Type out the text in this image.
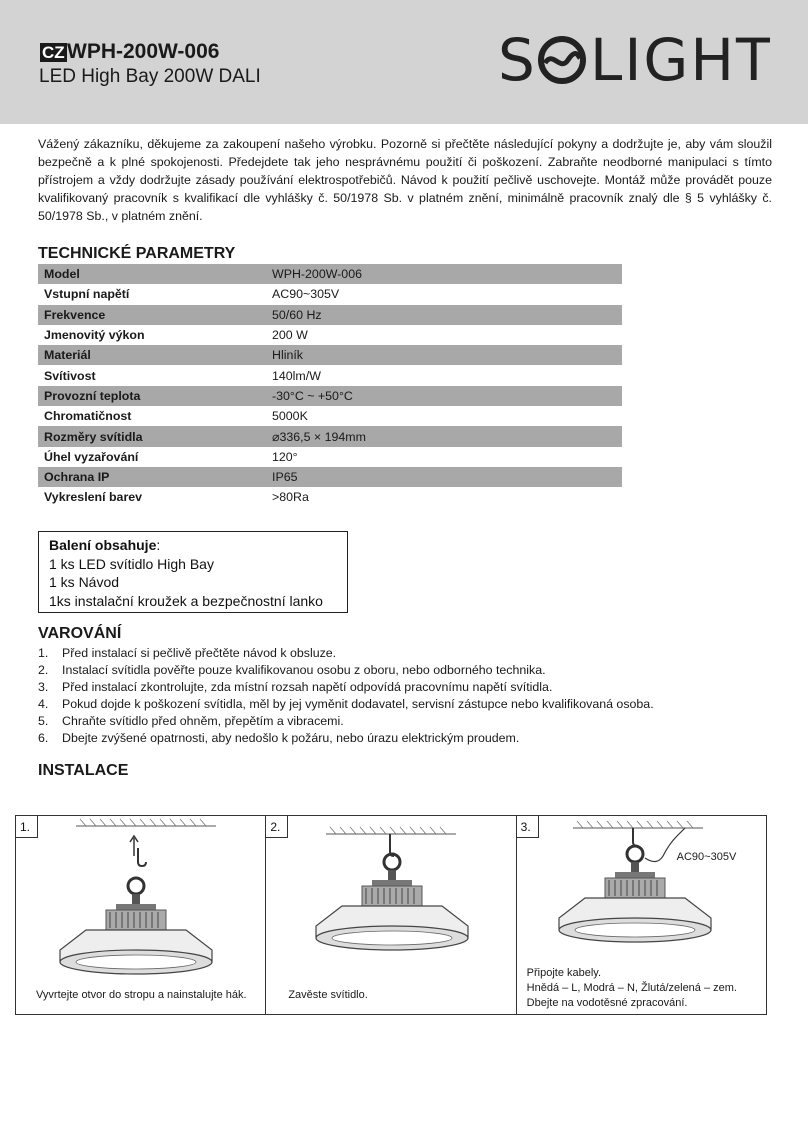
CZ WPH-200W-006
LED High Bay 200W DALI	S LIGHT
Vážený zákazníku, děkujeme za zakoupení našeho výrobku. Pozorně si přečtěte následující pokyny a dodržujte je, aby vám sloužil bezpečně a k plné spokojenosti. Předejdete tak jeho nesprávnému použití či poškození. Zabraňte neodborné manipulaci s tímto přístrojem a vždy dodržujte zásady používání elektrospotřebičů. Návod k použití pečlivě uschovejte. Montáž může provádět pouze kvalifikovaný pracovník s kvalifikací dle vyhlášky č. 50/1978 Sb. v platném znění, minimálně pracovník znalý dle § 5 vyhlášky č. 50/1978 Sb., v platném znění.
TECHNICKÉ PARAMETRY
Model	WPH-200W-006
Vstupní napětí	AC90~305V
Frekvence	50/60 Hz
Jmenovitý výkon	200 W
Materiál	Hliník
Svítivost	140lm/W
Provozní teplota	-30°C ~ +50°C
Chromatičnost	5000K
Rozměry svítidla	⌀336,5 × 194mm
Úhel vyzařování	120°
Ochrana IP	IP65
Vykreslení barev	>80Ra
Balení obsahuje:
1 ks LED svítidlo High Bay
1 ks Návod
1ks instalační kroužek a bezpečnostní lanko
VAROVÁNÍ
1.	Před instalací si pečlivě přečtěte návod k obsluze.
2.	Instalací svítidla pověřte pouze kvalifikovanou osobu z oboru, nebo odborného technika.
3.	Před instalací zkontrolujte, zda místní rozsah napětí odpovídá pracovnímu napětí svítidla.
4.	Pokud dojde k poškození svítidla, měl by jej vyměnit dodavatel, servisní zástupce nebo kvalifikovaná osoba.
5.	Chraňte svítidlo před ohněm, přepětím a vibracemi.
6.	Dbejte zvýšené opatrnosti, aby nedošlo k požáru, nebo úrazu elektrickým proudem.
INSTALACE
1.
Vyvrtejte otvor do stropu a nainstalujte hák.
2.
Zavěste svítidlo.
3.
AC90~305V
Připojte kabely.
Hnědá – L, Modrá – N, Žlutá/zelená – zem.
Dbejte na vodotěsné zpracování.
